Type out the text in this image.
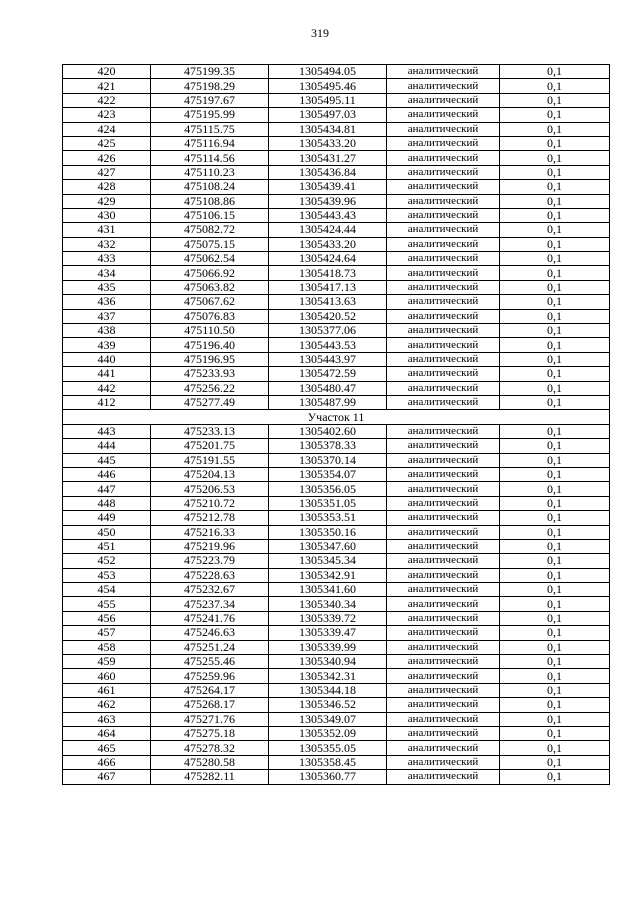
319
420	475199.35	1305494.05	аналитический	0,1
421	475198.29	1305495.46	аналитический	0,1
422	475197.67	1305495.11	аналитический	0,1
423	475195.99	1305497.03	аналитический	0,1
424	475115.75	1305434.81	аналитический	0,1
425	475116.94	1305433.20	аналитический	0,1
426	475114.56	1305431.27	аналитический	0,1
427	475110.23	1305436.84	аналитический	0,1
428	475108.24	1305439.41	аналитический	0,1
429	475108.86	1305439.96	аналитический	0,1
430	475106.15	1305443.43	аналитический	0,1
431	475082.72	1305424.44	аналитический	0,1
432	475075.15	1305433.20	аналитический	0,1
433	475062.54	1305424.64	аналитический	0,1
434	475066.92	1305418.73	аналитический	0,1
435	475063.82	1305417.13	аналитический	0,1
436	475067.62	1305413.63	аналитический	0,1
437	475076.83	1305420.52	аналитический	0,1
438	475110.50	1305377.06	аналитический	0,1
439	475196.40	1305443.53	аналитический	0,1
440	475196.95	1305443.97	аналитический	0,1
441	475233.93	1305472.59	аналитический	0,1
442	475256.22	1305480.47	аналитический	0,1
412	475277.49	1305487.99	аналитический	0,1
Участок 11				
443	475233.13	1305402.60	аналитический	0,1
444	475201.75	1305378.33	аналитический	0,1
445	475191.55	1305370.14	аналитический	0,1
446	475204.13	1305354.07	аналитический	0,1
447	475206.53	1305356.05	аналитический	0,1
448	475210.72	1305351.05	аналитический	0,1
449	475212.78	1305353.51	аналитический	0,1
450	475216.33	1305350.16	аналитический	0,1
451	475219.96	1305347.60	аналитический	0,1
452	475223.79	1305345.34	аналитический	0,1
453	475228.63	1305342.91	аналитический	0,1
454	475232.67	1305341.60	аналитический	0,1
455	475237.34	1305340.34	аналитический	0,1
456	475241.76	1305339.72	аналитический	0,1
457	475246.63	1305339.47	аналитический	0,1
458	475251.24	1305339.99	аналитический	0,1
459	475255.46	1305340.94	аналитический	0,1
460	475259.96	1305342.31	аналитический	0,1
461	475264.17	1305344.18	аналитический	0,1
462	475268.17	1305346.52	аналитический	0,1
463	475271.76	1305349.07	аналитический	0,1
464	475275.18	1305352.09	аналитический	0,1
465	475278.32	1305355.05	аналитический	0,1
466	475280.58	1305358.45	аналитический	0,1
467	475282.11	1305360.77	аналитический	0,1
